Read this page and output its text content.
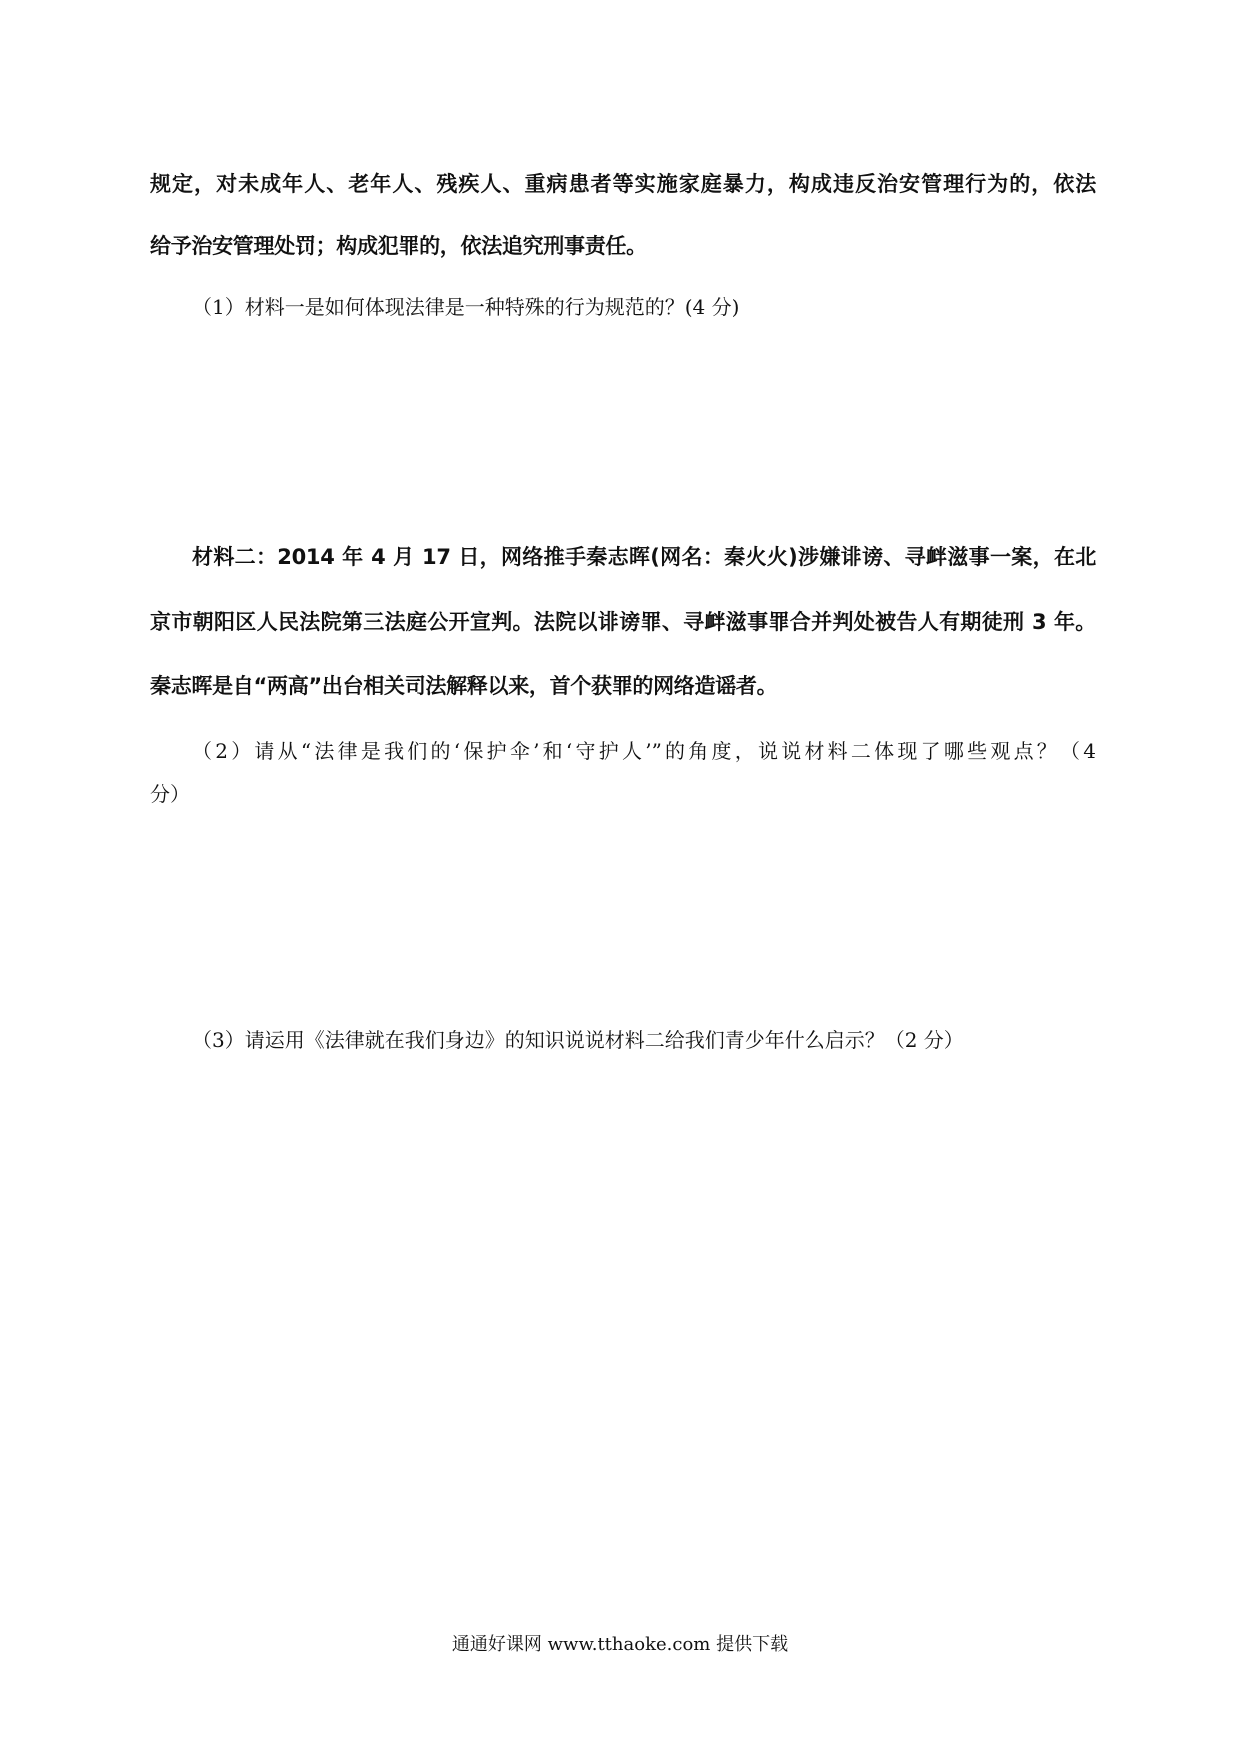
规定，对未成年人、老年人、残疾人、重病患者等实施家庭暴力，构成违反治安管理行为的，依法
给予治安管理处罚；构成犯罪的，依法追究刑事责任。
（1）材料一是如何体现法律是一种特殊的行为规范的？(4 分)
材料二：2014 年 4 月 17 日，网络推手秦志晖(网名：秦火火)涉嫌诽谤、寻衅滋事一案，在北
京市朝阳区人民法院第三法庭公开宣判。法院以诽谤罪、寻衅滋事罪合并判处被告人有期徒刑 3 年。
秦志晖是自“两高”出台相关司法解释以来，首个获罪的网络造谣者。
（2）请从“法律是我们的‘保护伞’和‘守护人’”的角度，说说材料二体现了哪些观点？（4
分）
（3）请运用《法律就在我们身边》的知识说说材料二给我们青少年什么启示？（2 分）
通通好课网 www.tthaoke.com 提供下载
